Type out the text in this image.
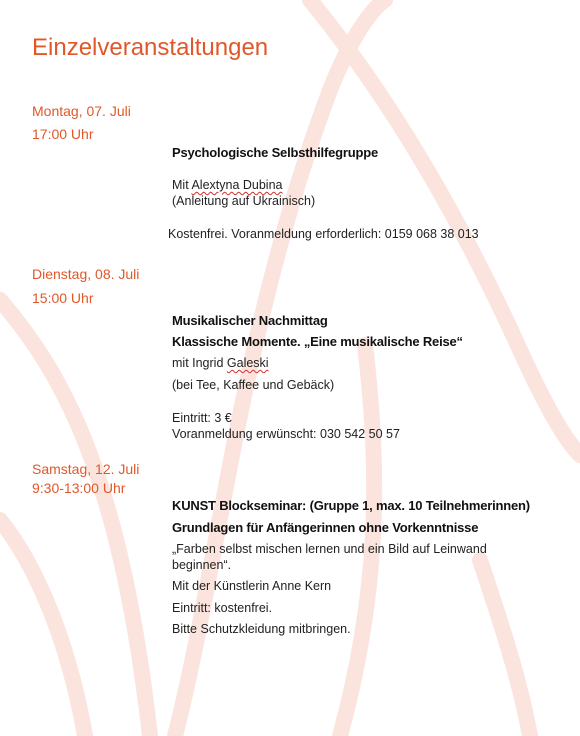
Einzelveranstaltungen
Montag, 07. Juli
17:00 Uhr
Psychologische Selbsthilfegruppe
Mit Alextyna Dubina
(Anleitung auf Ukrainisch)
Kostenfrei. Voranmeldung erforderlich: 0159 068 38 013
Dienstag, 08. Juli
15:00 Uhr
Musikalischer Nachmittag
Klassische Momente. „Eine musikalische Reise“
mit Ingrid Galeski
(bei Tee, Kaffee und Gebäck)
Eintritt: 3 €
Voranmeldung erwünscht: 030 542 50 57
Samstag, 12. Juli
9:30-13:00 Uhr
KUNST Blockseminar: (Gruppe 1, max. 10 Teilnehmerinnen)
Grundlagen für Anfängerinnen ohne Vorkenntnisse
„Farben selbst mischen lernen und ein Bild auf Leinwand
beginnen“.
Mit der Künstlerin Anne Kern
Eintritt: kostenfrei.
Bitte Schutzkleidung mitbringen.
